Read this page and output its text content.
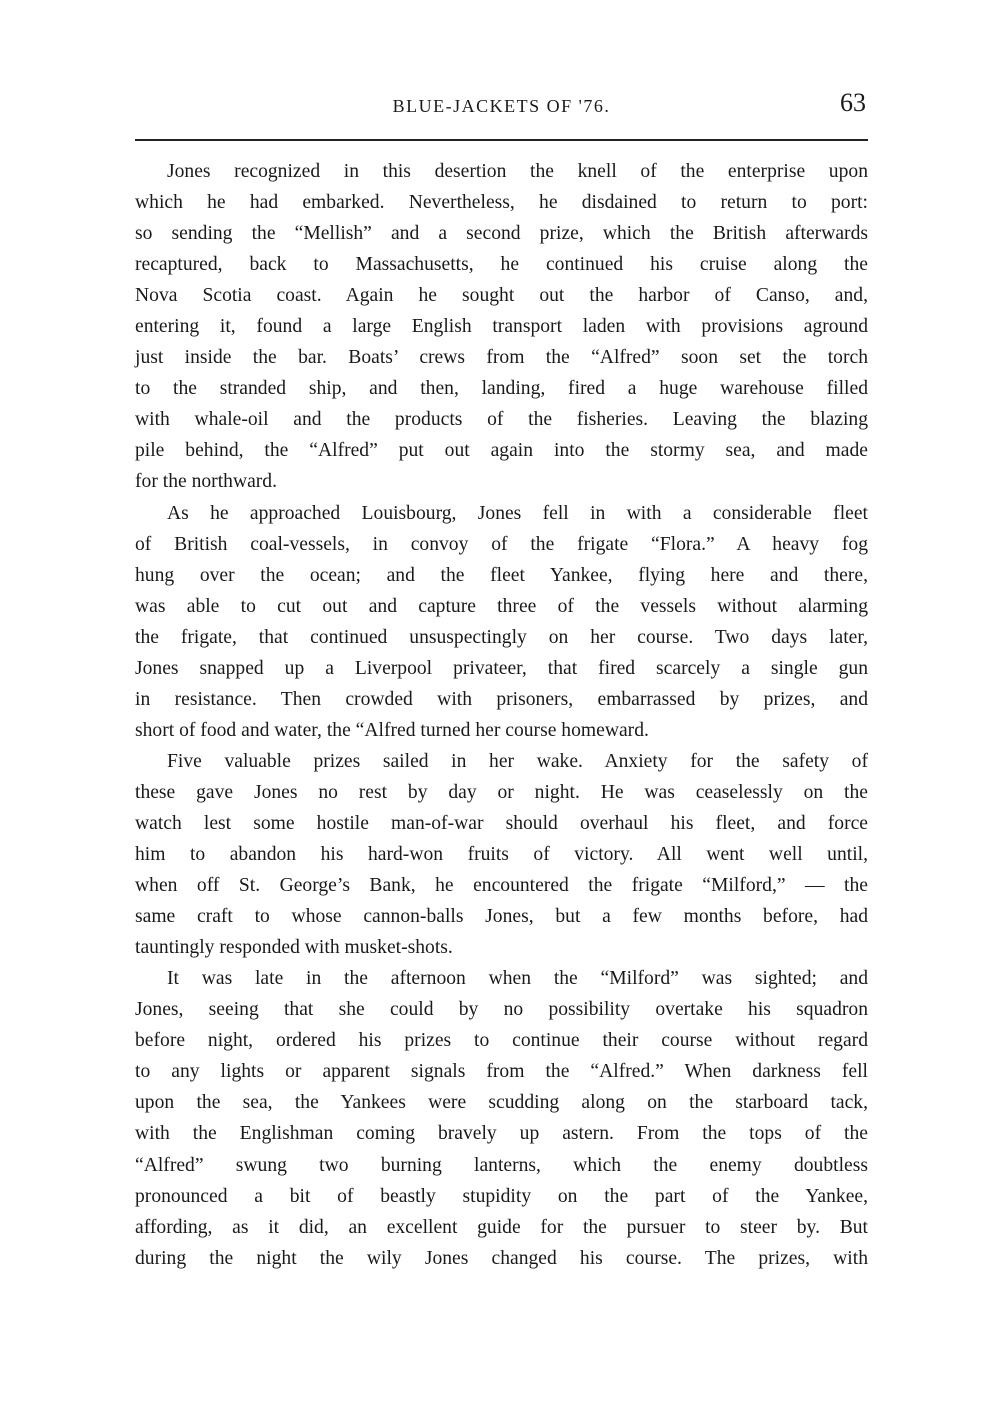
BLUE-JACKETS OF '76.	63
Jones recognized in this desertion the knell of the enterprise upon
which he had embarked. Nevertheless, he disdained to return to port:
so sending the “Mellish” and a second prize, which the British afterwards
recaptured, back to Massachusetts, he continued his cruise along the
Nova Scotia coast. Again he sought out the harbor of Canso, and,
entering it, found a large English transport laden with provisions aground
just inside the bar. Boats’ crews from the “Alfred” soon set the torch
to the stranded ship, and then, landing, fired a huge warehouse filled
with whale-oil and the products of the fisheries. Leaving the blazing
pile behind, the “Alfred” put out again into the stormy sea, and made
for the northward.
As he approached Louisbourg, Jones fell in with a considerable fleet
of British coal-vessels, in convoy of the frigate “Flora.” A heavy fog
hung over the ocean; and the fleet Yankee, flying here and there,
was able to cut out and capture three of the vessels without alarming
the frigate, that continued unsuspectingly on her course. Two days later,
Jones snapped up a Liverpool privateer, that fired scarcely a single gun
in resistance. Then crowded with prisoners, embarrassed by prizes, and
short of food and water, the “Alfred turned her course homeward.
Five valuable prizes sailed in her wake. Anxiety for the safety of
these gave Jones no rest by day or night. He was ceaselessly on the
watch lest some hostile man-of-war should overhaul his fleet, and force
him to abandon his hard-won fruits of victory. All went well until,
when off St. George’s Bank, he encountered the frigate “Milford,” — the
same craft to whose cannon-balls Jones, but a few months before, had
tauntingly responded with musket-shots.
It was late in the afternoon when the “Milford” was sighted; and
Jones, seeing that she could by no possibility overtake his squadron
before night, ordered his prizes to continue their course without regard
to any lights or apparent signals from the “Alfred.” When darkness fell
upon the sea, the Yankees were scudding along on the starboard tack,
with the Englishman coming bravely up astern. From the tops of the
“Alfred” swung two burning lanterns, which the enemy doubtless
pronounced a bit of beastly stupidity on the part of the Yankee,
affording, as it did, an excellent guide for the pursuer to steer by. But
during the night the wily Jones changed his course. The prizes, with
